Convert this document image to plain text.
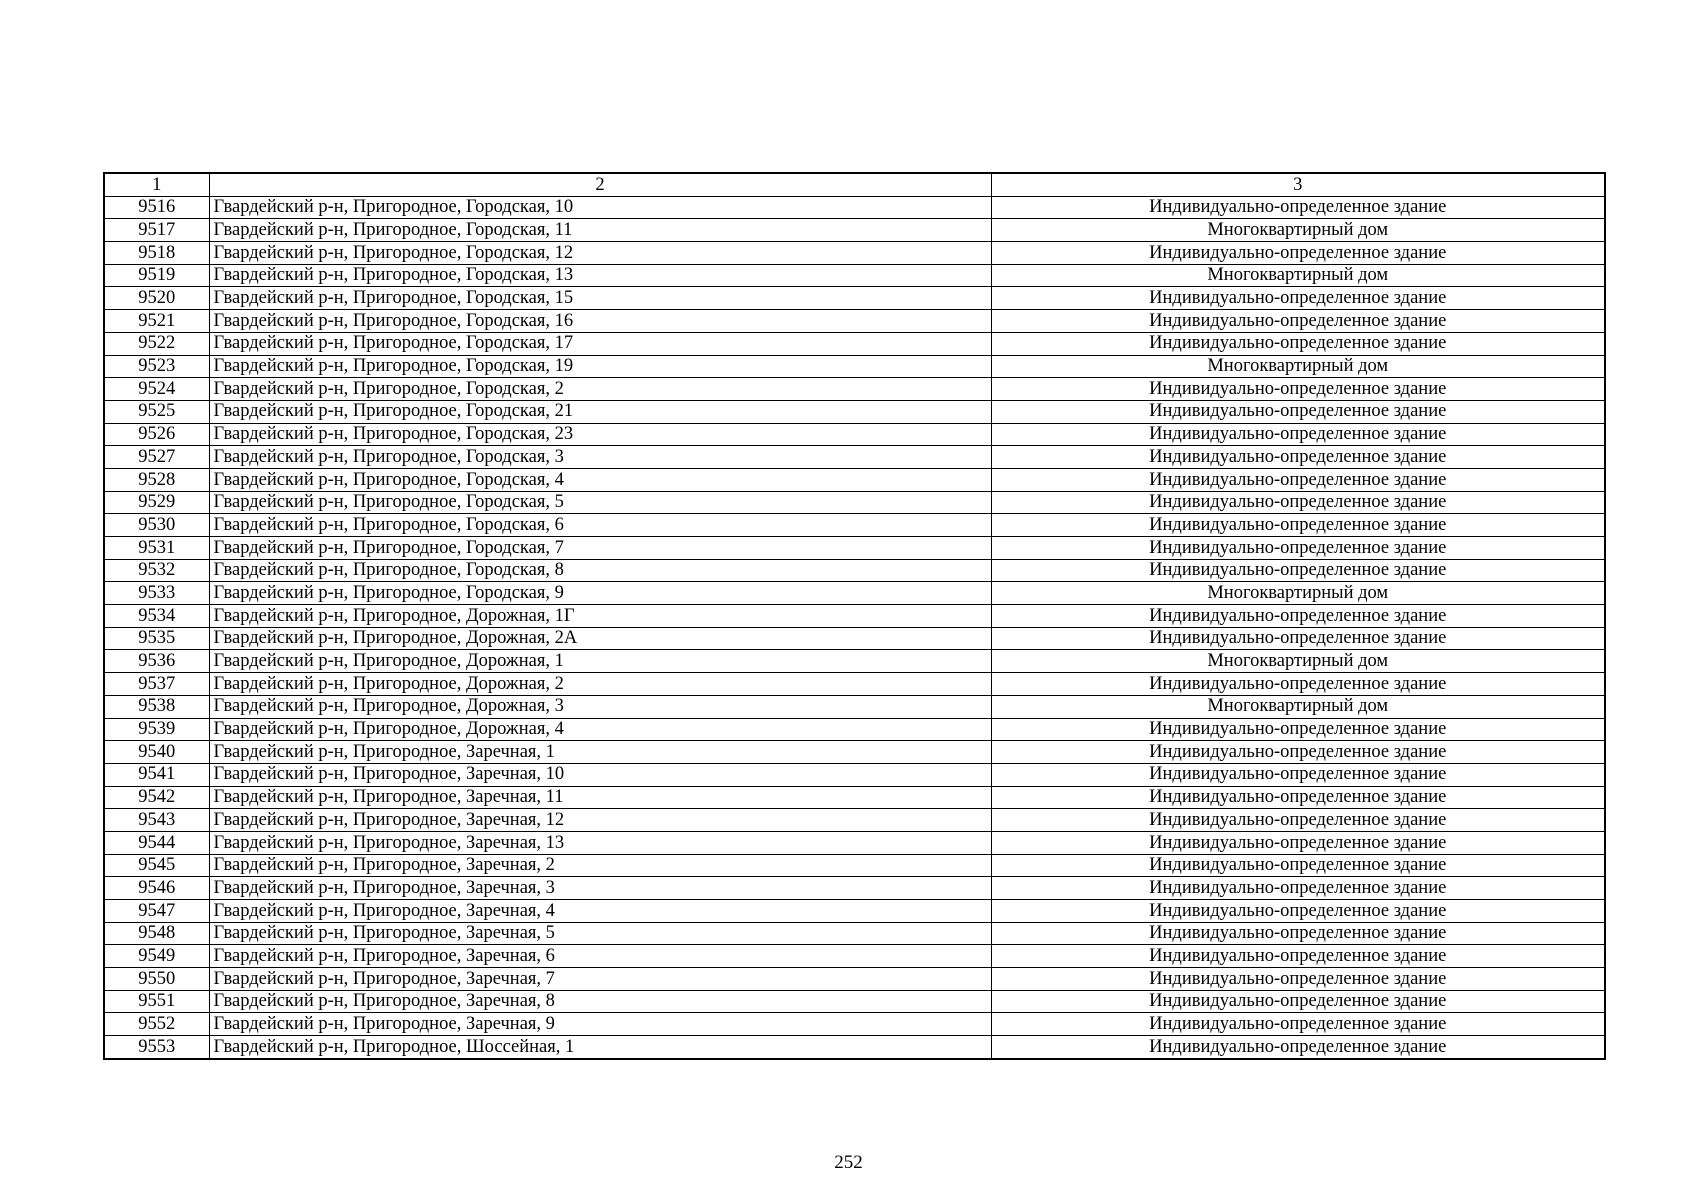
1	2	3
9516	Гвардейский р-н, Пригородное, Городская, 10	Индивидуально-определенное здание
9517	Гвардейский р-н, Пригородное, Городская, 11	Многоквартирный дом
9518	Гвардейский р-н, Пригородное, Городская, 12	Индивидуально-определенное здание
9519	Гвардейский р-н, Пригородное, Городская, 13	Многоквартирный дом
9520	Гвардейский р-н, Пригородное, Городская, 15	Индивидуально-определенное здание
9521	Гвардейский р-н, Пригородное, Городская, 16	Индивидуально-определенное здание
9522	Гвардейский р-н, Пригородное, Городская, 17	Индивидуально-определенное здание
9523	Гвардейский р-н, Пригородное, Городская, 19	Многоквартирный дом
9524	Гвардейский р-н, Пригородное, Городская, 2	Индивидуально-определенное здание
9525	Гвардейский р-н, Пригородное, Городская, 21	Индивидуально-определенное здание
9526	Гвардейский р-н, Пригородное, Городская, 23	Индивидуально-определенное здание
9527	Гвардейский р-н, Пригородное, Городская, 3	Индивидуально-определенное здание
9528	Гвардейский р-н, Пригородное, Городская, 4	Индивидуально-определенное здание
9529	Гвардейский р-н, Пригородное, Городская, 5	Индивидуально-определенное здание
9530	Гвардейский р-н, Пригородное, Городская, 6	Индивидуально-определенное здание
9531	Гвардейский р-н, Пригородное, Городская, 7	Индивидуально-определенное здание
9532	Гвардейский р-н, Пригородное, Городская, 8	Индивидуально-определенное здание
9533	Гвардейский р-н, Пригородное, Городская, 9	Многоквартирный дом
9534	Гвардейский р-н, Пригородное, Дорожная, 1Г	Индивидуально-определенное здание
9535	Гвардейский р-н, Пригородное, Дорожная, 2А	Индивидуально-определенное здание
9536	Гвардейский р-н, Пригородное, Дорожная, 1	Многоквартирный дом
9537	Гвардейский р-н, Пригородное, Дорожная, 2	Индивидуально-определенное здание
9538	Гвардейский р-н, Пригородное, Дорожная, 3	Многоквартирный дом
9539	Гвардейский р-н, Пригородное, Дорожная, 4	Индивидуально-определенное здание
9540	Гвардейский р-н, Пригородное, Заречная, 1	Индивидуально-определенное здание
9541	Гвардейский р-н, Пригородное, Заречная, 10	Индивидуально-определенное здание
9542	Гвардейский р-н, Пригородное, Заречная, 11	Индивидуально-определенное здание
9543	Гвардейский р-н, Пригородное, Заречная, 12	Индивидуально-определенное здание
9544	Гвардейский р-н, Пригородное, Заречная, 13	Индивидуально-определенное здание
9545	Гвардейский р-н, Пригородное, Заречная, 2	Индивидуально-определенное здание
9546	Гвардейский р-н, Пригородное, Заречная, 3	Индивидуально-определенное здание
9547	Гвардейский р-н, Пригородное, Заречная, 4	Индивидуально-определенное здание
9548	Гвардейский р-н, Пригородное, Заречная, 5	Индивидуально-определенное здание
9549	Гвардейский р-н, Пригородное, Заречная, 6	Индивидуально-определенное здание
9550	Гвардейский р-н, Пригородное, Заречная, 7	Индивидуально-определенное здание
9551	Гвардейский р-н, Пригородное, Заречная, 8	Индивидуально-определенное здание
9552	Гвардейский р-н, Пригородное, Заречная, 9	Индивидуально-определенное здание
9553	Гвардейский р-н, Пригородное, Шоссейная, 1	Индивидуально-определенное здание
252
